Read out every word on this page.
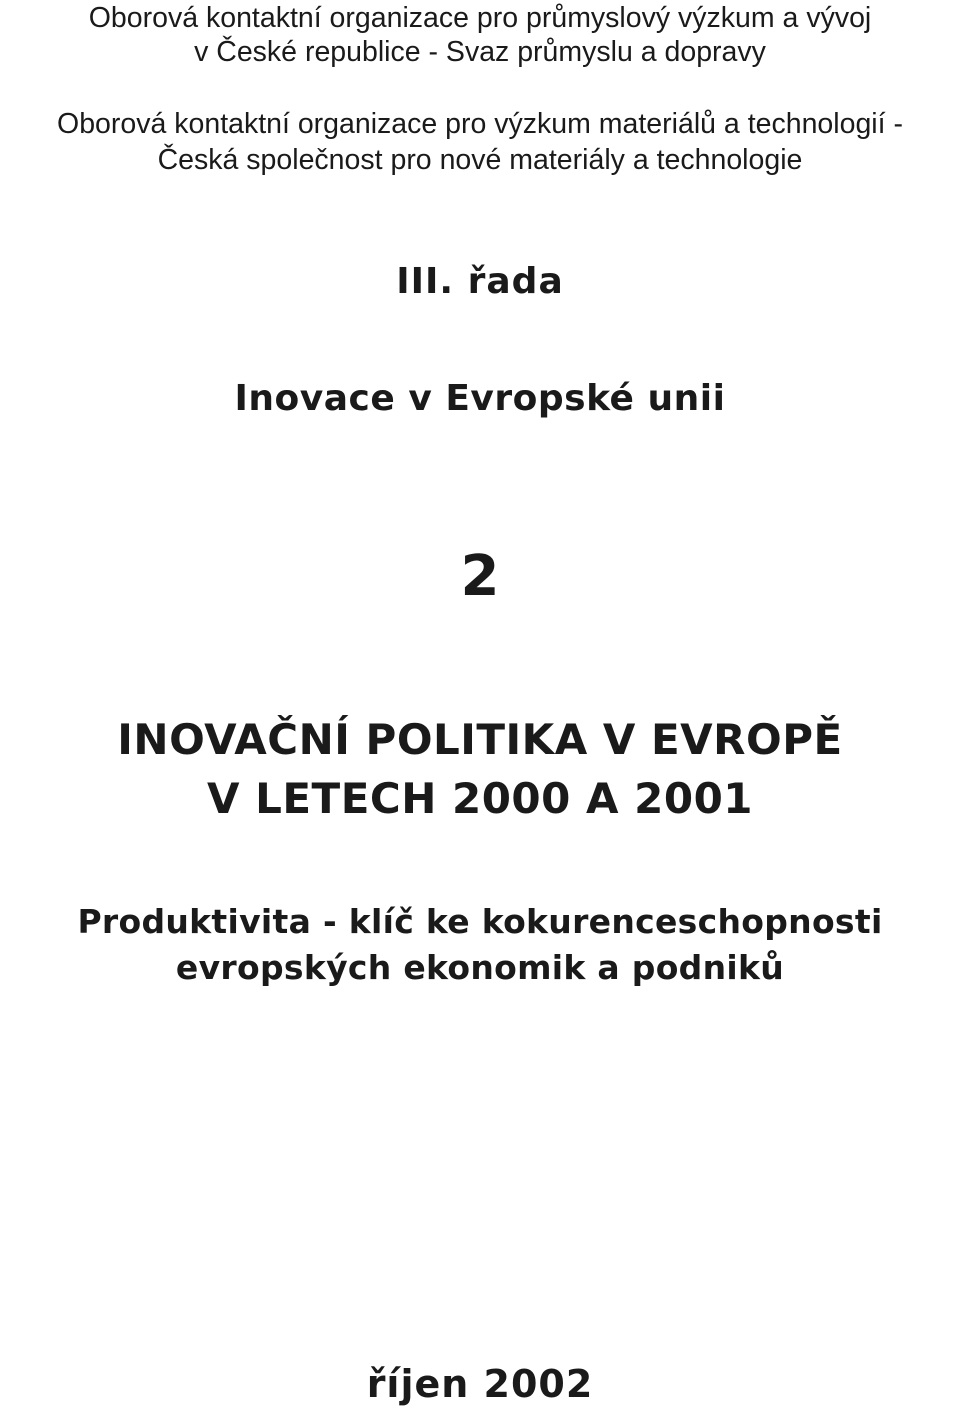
Oborová kontaktní organizace pro průmyslový výzkum a vývoj
v České republice - Svaz průmyslu a dopravy
Oborová kontaktní organizace pro výzkum materiálů a technologií -
Česká společnost pro nové materiály a technologie
III. řada
Inovace v Evropské unii
2
INOVAČNÍ POLITIKA V EVROPĚ
V LETECH 2000 A 2001
Produktivita - klíč ke kokurenceschopnosti
evropských ekonomik a podniků
říjen 2002
